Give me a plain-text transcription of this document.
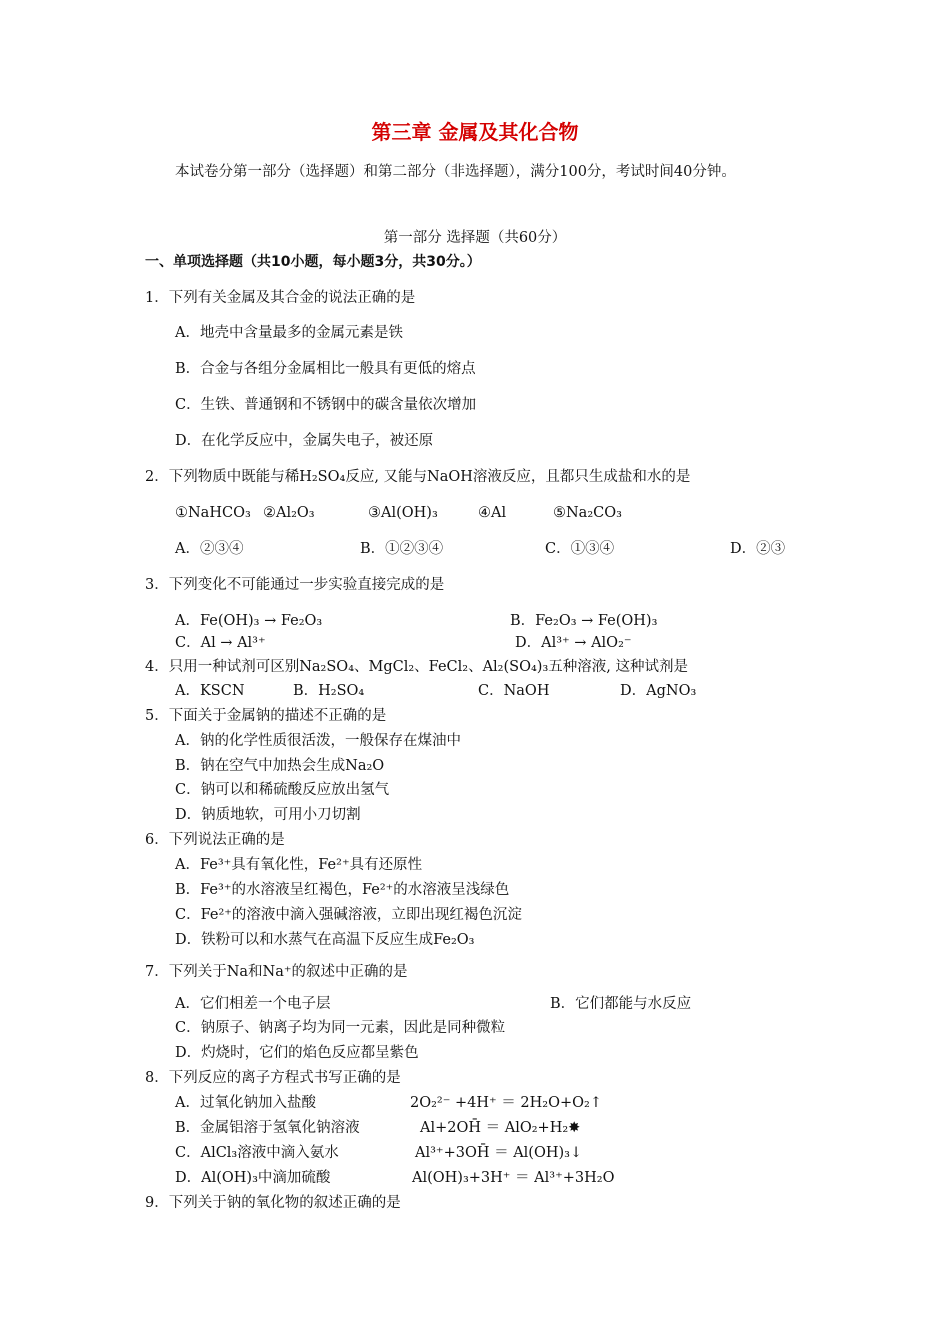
第三章 金属及其化合物
本试卷分第一部分（选择题）和第二部分（非选择题），满分100分，考试时间40分钟。
第一部分 选择题（共60分）
一、单项选择题（共10小题，每小题3分，共30分。）
1．下列有关金属及其合金的说法正确的是
A．地壳中含量最多的金属元素是铁
B．合金与各组分金属相比一般具有更低的熔点
C．生铁、普通钢和不锈钢中的碳含量依次增加
D．在化学反应中，金属失电子，被还原
2．下列物质中既能与稀H₂SO₄反应, 又能与NaOH溶液反应，且都只生成盐和水的是
①NaHCO₃ ②Al₂O₃	③Al(OH)₃	④Al	⑤Na₂CO₃
A．②③④	B．①②③④	C．①③④	D．②③
3．下列变化不可能通过一步实验直接完成的是
A．Fe(OH)₃ → Fe₂O₃	B．Fe₂O₃ → Fe(OH)₃
C．Al → Al³⁺	D．Al³⁺ → AlO₂⁻
4．只用一种试剂可区别Na₂SO₄、MgCl₂、FeCl₂、Al₂(SO₄)₃五种溶液, 这种试剂是
A．KSCN	B．H₂SO₄	C．NaOH	D．AgNO₃
5．下面关于金属钠的描述不正确的是
A．钠的化学性质很活泼，一般保存在煤油中
B．钠在空气中加热会生成Na₂O
C．钠可以和稀硫酸反应放出氢气
D．钠质地软，可用小刀切割
6．下列说法正确的是
A．Fe³⁺具有氧化性，Fe²⁺具有还原性
B．Fe³⁺的水溶液呈红褐色，Fe²⁺的水溶液呈浅绿色
C．Fe²⁺的溶液中滴入强碱溶液，立即出现红褐色沉淀
D．铁粉可以和水蒸气在高温下反应生成Fe₂O₃
7．下列关于Na和Na⁺的叙述中正确的是
A．它们相差一个电子层	B．它们都能与水反应
C．钠原子、钠离子均为同一元素，因此是同种微粒
D．灼烧时，它们的焰色反应都呈紫色
8．下列反应的离子方程式书写正确的是
A．过氧化钠加入盐酸	2O₂²⁻ +4H⁺ ＝ 2H₂O+O₂↑
B．金属铝溶于氢氧化钠溶液	Al+2OH̄ ＝ AlO₂+H₂✸
C．AlCl₃溶液中滴入氨水	Al³⁺+3OH̄ ＝ Al(OH)₃↓
D．Al(OH)₃中滴加硫酸	Al(OH)₃+3H⁺ ＝ Al³⁺+3H₂O
9．下列关于钠的氧化物的叙述正确的是
